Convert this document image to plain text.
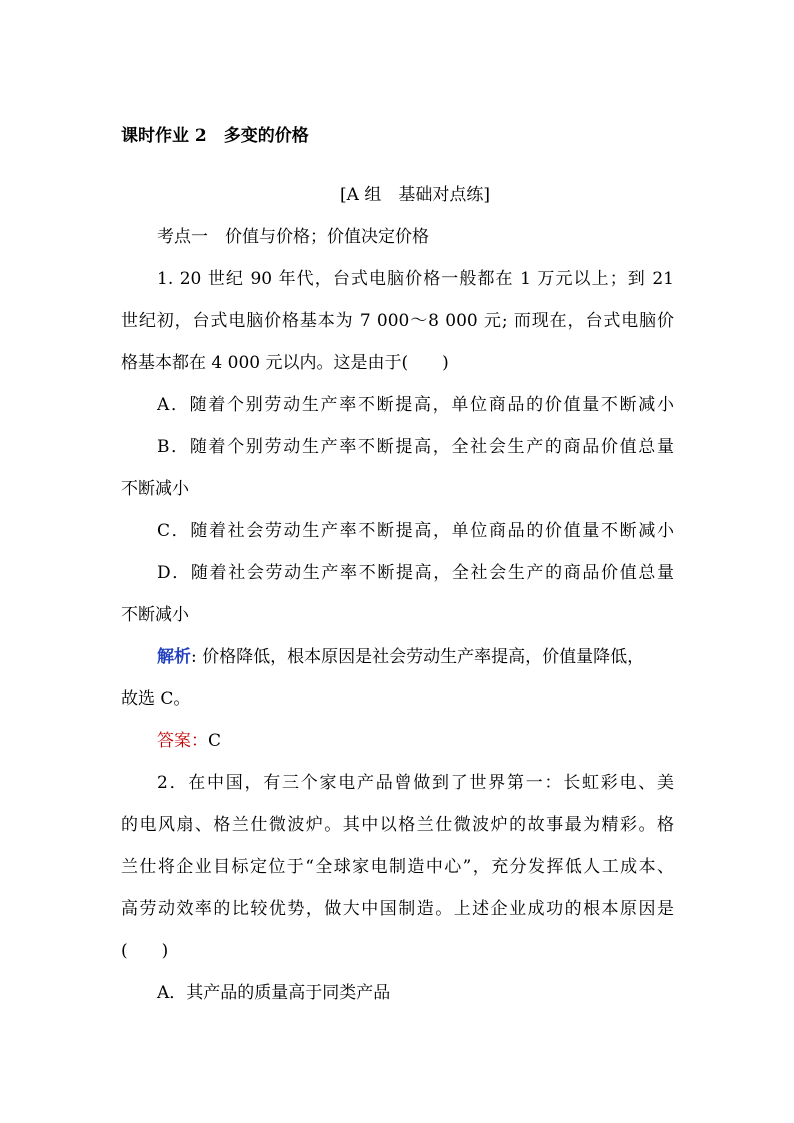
课时作业 2　多变的价格
[A 组　基础对点练]
考点一　价值与价格；价值决定价格
1. 20 世纪 90 年代，台式电脑价格一般都在 1 万元以上；到 21
世纪初，台式电脑价格基本为 7 000～8 000 元; 而现在，台式电脑价
格基本都在 4 000 元以内。这是由于(　　)
A．随着个别劳动生产率不断提高，单位商品的价值量不断减小
B．随着个别劳动生产率不断提高，全社会生产的商品价值总量
不断减小
C．随着社会劳动生产率不断提高，单位商品的价值量不断减小
D．随着社会劳动生产率不断提高，全社会生产的商品价值总量
不断减小
解析: 价格降低，根本原因是社会劳动生产率提高，价值量降低，
故选 C。
答案：C
2．在中国，有三个家电产品曾做到了世界第一：长虹彩电、美
的电风扇、格兰仕微波炉。其中以格兰仕微波炉的故事最为精彩。格
兰仕将企业目标定位于“全球家电制造中心”，充分发挥低人工成本、
高劳动效率的比较优势，做大中国制造。上述企业成功的根本原因是
(　　)
A．其产品的质量高于同类产品
